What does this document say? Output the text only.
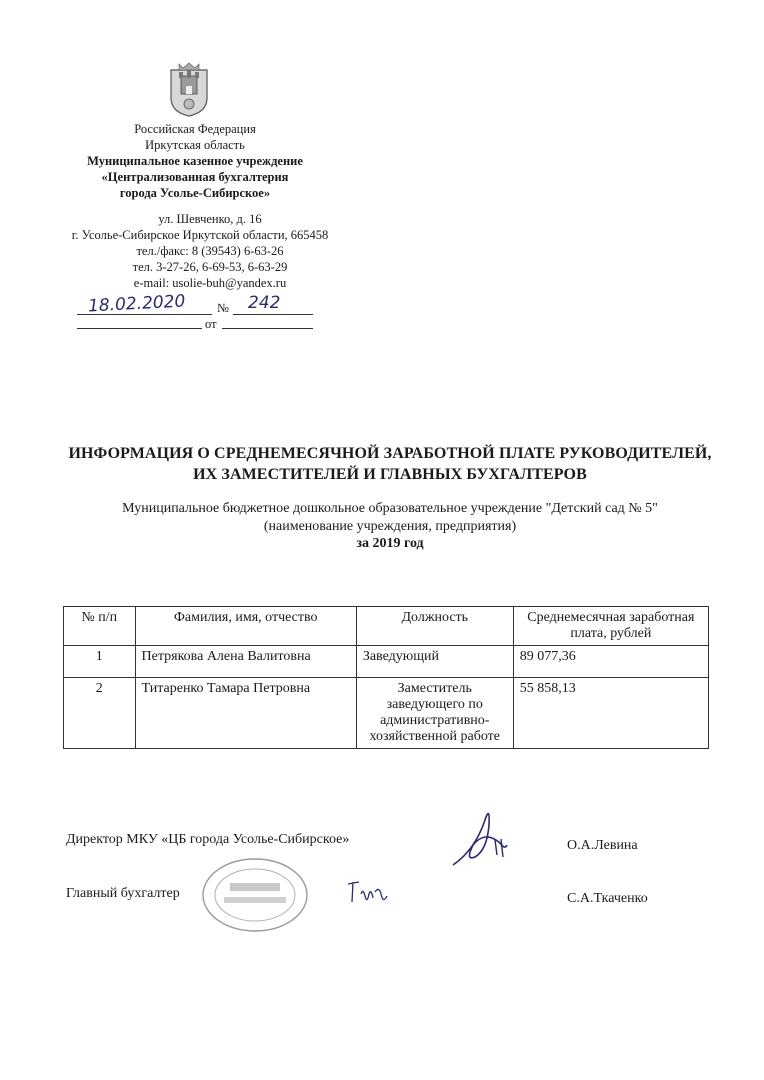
Российская Федерация
Иркутская область
Муниципальное казенное учреждение
«Централизованная бухгалтерия
города Усолье-Сибирское»
ул. Шевченко, д. 16
г. Усолье-Сибирское Иркутской области, 665458
тел./факс: 8 (39543) 6-63-26
тел. 3-27-26, 6-69-53, 6-63-29
e-mail: usolie-buh@yandex.ru
18.02.2020 № 242
от
ИНФОРМАЦИЯ О СРЕДНЕМЕСЯЧНОЙ ЗАРАБОТНОЙ ПЛАТЕ РУКОВОДИТЕЛЕЙ, ИХ ЗАМЕСТИТЕЛЕЙ И ГЛАВНЫХ БУХГАЛТЕРОВ
Муниципальное бюджетное дошкольное образовательное учреждение "Детский сад № 5"
(наименование учреждения, предприятия)
за 2019 год
№ п/п	Фамилия, имя, отчество	Должность	Среднемесячная заработная плата, рублей
1	Петрякова Алена Валитовна	Заведующий	89 077,36
2	Титаренко Тамара Петровна	Заместитель заведующего по административно-хозяйственной работе	55 858,13
Директор МКУ «ЦБ города Усолье-Сибирское»	О.А.Левина
Главный бухгалтер	С.А.Ткаченко
